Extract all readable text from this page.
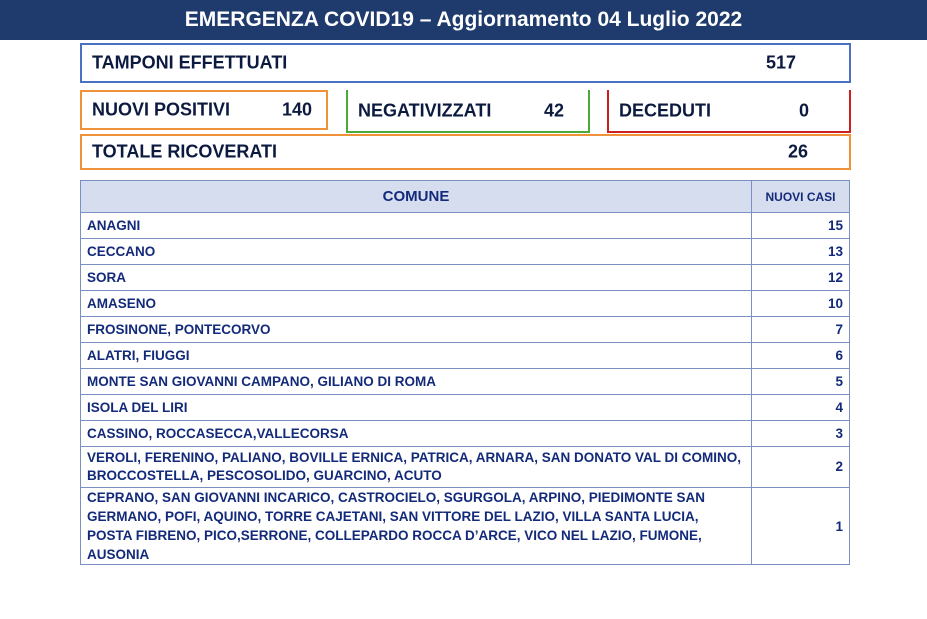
EMERGENZA COVID19 – Aggiornamento 04 Luglio 2022
TAMPONI EFFETTUATI	517
NUOVI POSITIVI	140	NEGATIVIZZATI	42	DECEDUTI	0
TOTALE RICOVERATI	26
COMUNE	NUOVI CASI
ANAGNI	15
CECCANO	13
SORA	12
AMASENO	10
FROSINONE, PONTECORVO	7
ALATRI, FIUGGI	6
MONTE SAN GIOVANNI CAMPANO, GILIANO DI ROMA	5
ISOLA DEL LIRI	4
CASSINO, ROCCASECCA,VALLECORSA	3
VEROLI, FERENINO, PALIANO, BOVILLE ERNICA, PATRICA, ARNARA, SAN DONATO VAL DI COMINO, BROCCOSTELLA, PESCOSOLIDO, GUARCINO, ACUTO	2
CEPRANO, SAN GIOVANNI INCARICO, CASTROCIELO, SGURGOLA, ARPINO, PIEDIMONTE SAN GERMANO, POFI, AQUINO, TORRE CAJETANI, SAN VITTORE DEL LAZIO, VILLA SANTA LUCIA, POSTA FIBRENO, PICO,SERRONE, COLLEPARDO ROCCA D’ARCE, VICO NEL LAZIO, FUMONE, AUSONIA	1
